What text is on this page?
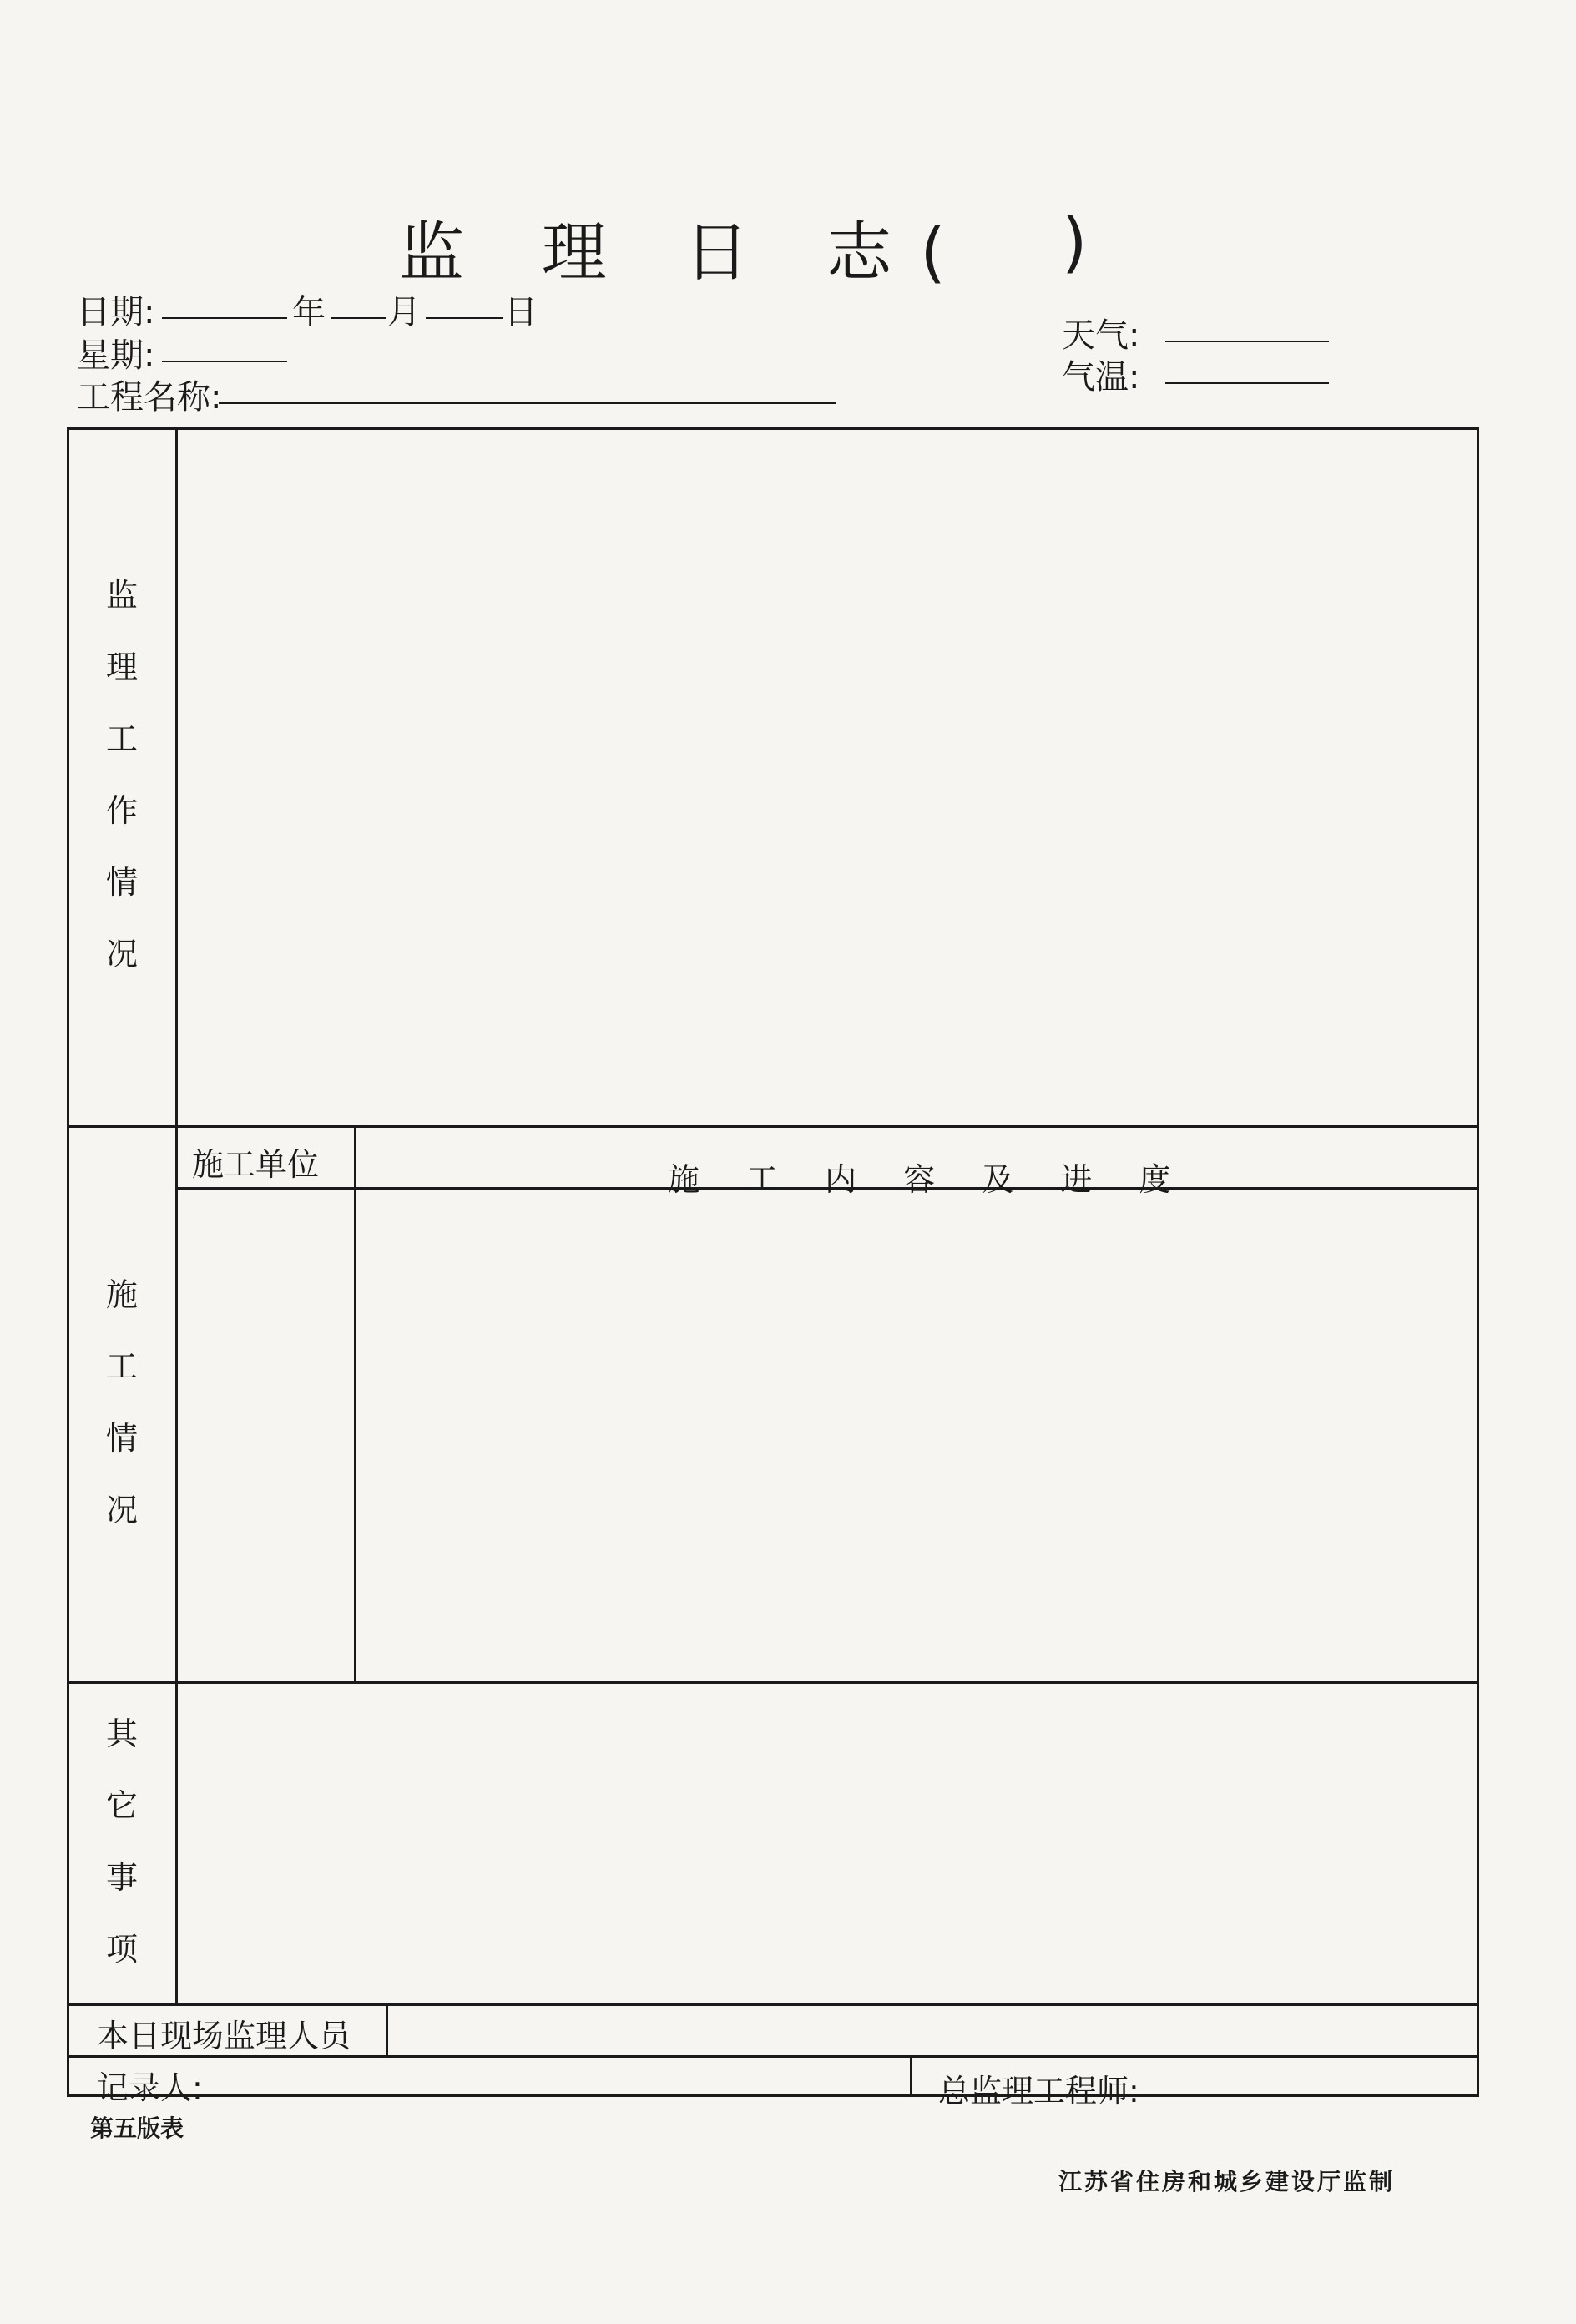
监 理 日 志( )
日期:	年 月	日
星期:
工程名称:
天气:
气温:
监
理
工
作
情
况
施工单位	施 工 内 容 及 进 度
施
工
情
况
其
它
事
项
本日现场监理人员
记录人:	总监理工程师:
第五版表
江苏省住房和城乡建设厅监制
